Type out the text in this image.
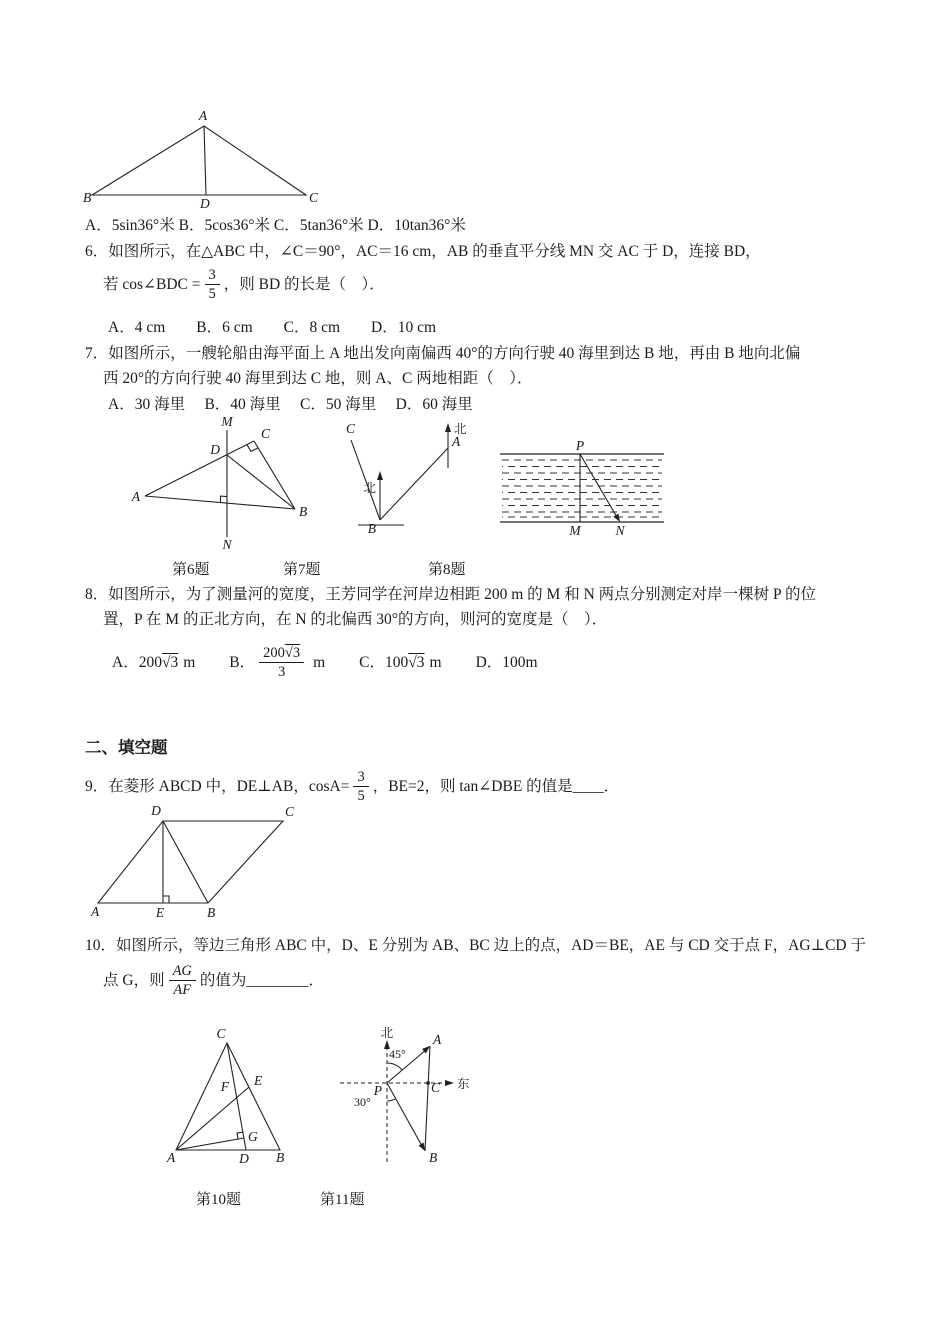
A
B	C
D
A．5sin36°米 B．5cos36°米 C．5tan36°米 D．10tan36°米
6．如图所示，在△ABC 中，∠C＝90°，AC＝16 cm，AB 的垂直平分线 MN 交 AC 于 D，连接 BD，
若 cos∠BDC = $\frac{3}{5}$ ，则 BD 的长是（　）．
A．4 cm　　B．6 cm　　C．8 cm　　D．10 cm
7．如图所示，一艘轮船由海平面上 A 地出发向南偏西 40°的方向行驶 40 海里到达 B 地，再由 B 地向北偏
西 20°的方向行驶 40 海里到达 C 地，则 A、C 两地相距（　）．
A．30 海里　 B．40 海里　 C．50 海里　 D．60 海里
M
C
D
A
N
B
C
A
B
北
北
P
M	N
第6题	第7题	第8题
8．如图所示，为了测量河的宽度，王芳同学在河岸边相距 200 m 的 M 和 N 两点分别测定对岸一棵树 P 的位
置，P 在 M 的正北方向，在 N 的北偏西 30°的方向，则河的宽度是（　）．
A． 200 √3 m B． $\frac{200√3}{3}$ m C． 100 √3 m D．100m
二、填空题
9．在菱形 ABCD 中，DE⊥AB， $\cos A= \frac{3}{5}$ ，BE=2，则 tan∠DBE 的值是 ____ ．
D	C
A	E	B
10．如图所示，等边三角形 ABC 中，D、E 分别为 AB、BC 边上的点，AD＝BE，AE 与 CD 交于点 F，AG⊥CD 于
点 G，则 $\frac{AG}{AF}$ 的值为 ________ ．
C
E
F
G
A	D B
北
东
A
B
C
P
45°
30°
第10题	第11题
